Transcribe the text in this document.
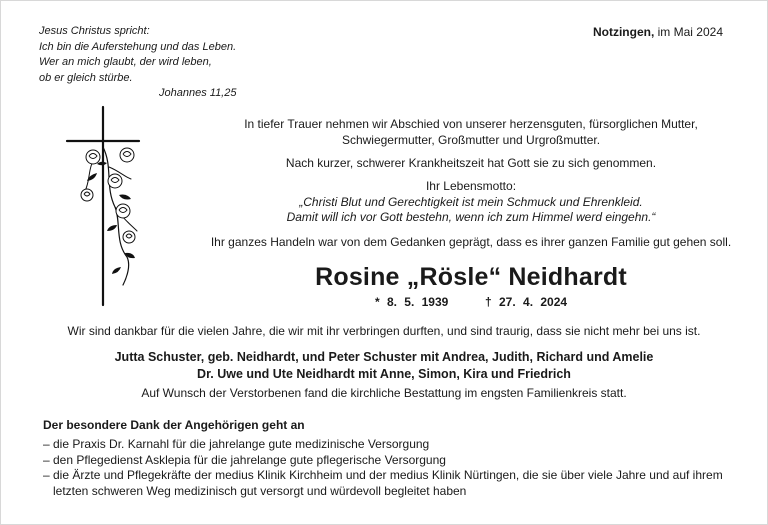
Jesus Christus spricht:
Ich bin die Auferstehung und das Leben.
Wer an mich glaubt, der wird leben,
ob er gleich stürbe.
Johannes 11,25
Notzingen, im Mai 2024
In tiefer Trauer nehmen wir Abschied von unserer herzensguten, fürsorglichen Mutter,
Schwiegermutter, Großmutter und Urgroßmutter.
Nach kurzer, schwerer Krankheitszeit hat Gott sie zu sich genommen.
Ihr Lebensmotto:
„Christi Blut und Gerechtigkeit ist mein Schmuck und Ehrenkleid.
Damit will ich vor Gott bestehn, wenn ich zum Himmel werd eingehn.“
Ihr ganzes Handeln war von dem Gedanken geprägt, dass es ihrer ganzen Familie gut gehen soll.
Rosine „Rösle“ Neidhardt
* 8. 5. 1939	† 27. 4. 2024
Wir sind dankbar für die vielen Jahre, die wir mit ihr verbringen durften, und sind traurig, dass sie nicht mehr bei uns ist.
Jutta Schuster, geb. Neidhardt, und Peter Schuster mit Andrea, Judith, Richard und Amelie
Dr. Uwe und Ute Neidhardt mit Anne, Simon, Kira und Friedrich
Auf Wunsch der Verstorbenen fand die kirchliche Bestattung im engsten Familienkreis statt.
Der besondere Dank der Angehörigen geht an
– die Praxis Dr. Karnahl für die jahrelange gute medizinische Versorgung
– den Pflegedienst Asklepia für die jahrelange gute pflegerische Versorgung
– die Ärzte und Pflegekräfte der medius Klinik Kirchheim und der medius Klinik Nürtingen, die sie über viele Jahre und auf ihrem letzten schweren Weg medizinisch gut versorgt und würdevoll begleitet haben
